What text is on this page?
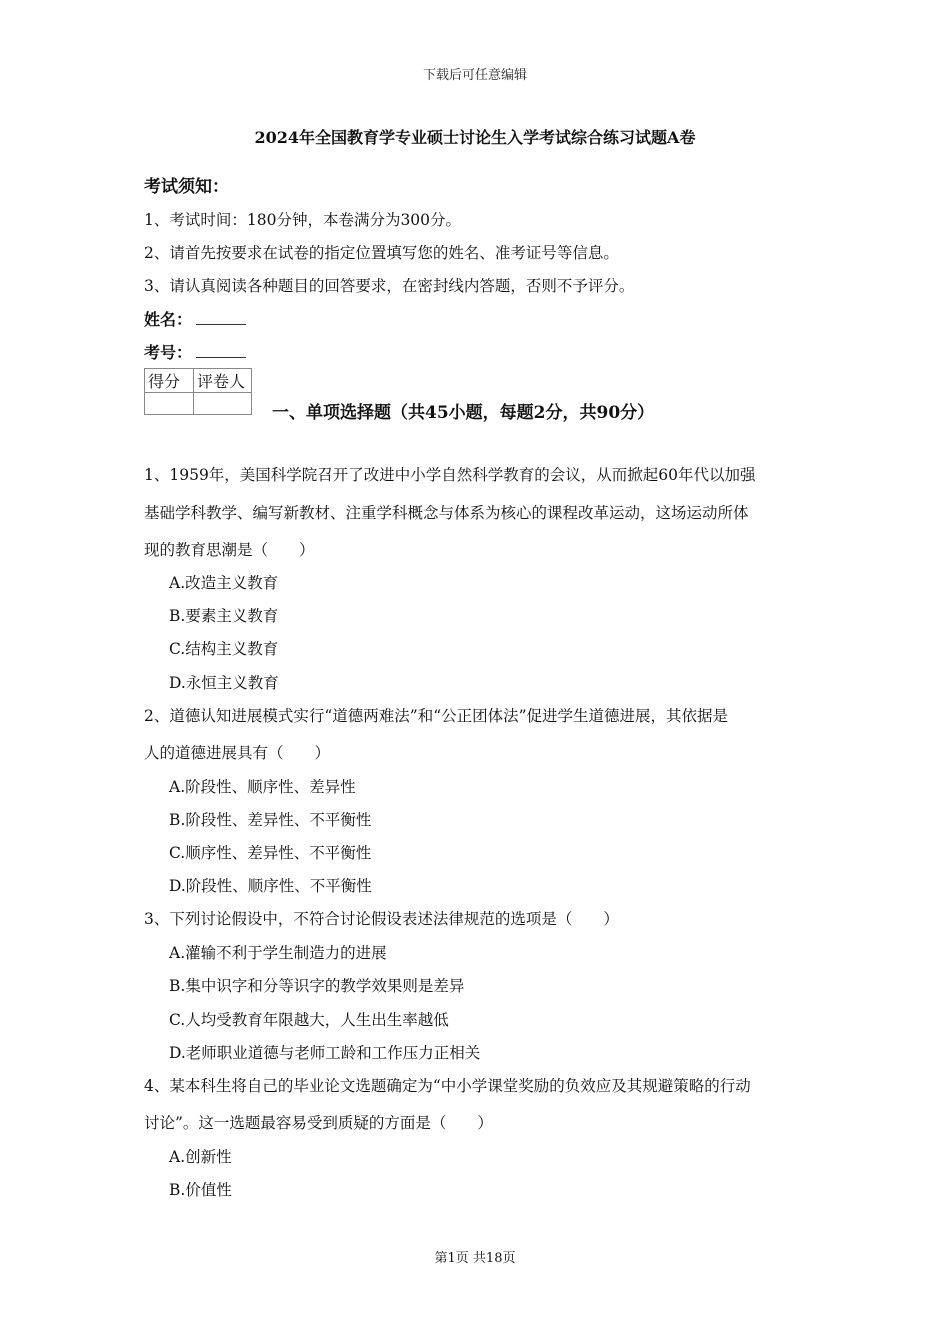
下载后可任意编辑
2024年全国教育学专业硕士讨论生入学考试综合练习试题A卷
考试须知：
1、考试时间：180分钟，本卷满分为300分。
2、请首先按要求在试卷的指定位置填写您的姓名、准考证号等信息。
3、请认真阅读各种题目的回答要求，在密封线内答题，否则不予评分。
姓名：
考号：
得分	评卷人

一、单项选择题（共45小题，每题2分，共90分）
1、1959年，美国科学院召开了改进中小学自然科学教育的会议，从而掀起60年代以加强
基础学科教学、编写新教材、注重学科概念与体系为核心的课程改革运动，这场运动所体
现的教育思潮是（　　）
A.改造主义教育
B.要素主义教育
C.结构主义教育
D.永恒主义教育
2、道德认知进展模式实行“道德两难法”和“公正团体法”促进学生道德进展，其依据是
人的道德进展具有（　　）
A.阶段性、顺序性、差异性
B.阶段性、差异性、不平衡性
C.顺序性、差异性、不平衡性
D.阶段性、顺序性、不平衡性
3、下列讨论假设中，不符合讨论假设表述法律规范的选项是（　　）
A.灌输不利于学生制造力的进展
B.集中识字和分等识字的教学效果则是差异
C.人均受教育年限越大，人生出生率越低
D.老师职业道德与老师工龄和工作压力正相关
4、某本科生将自己的毕业论文选题确定为“中小学课堂奖励的负效应及其规避策略的行动
讨论”。这一选题最容易受到质疑的方面是（　　）
A.创新性
B.价值性
第1页 共18页
